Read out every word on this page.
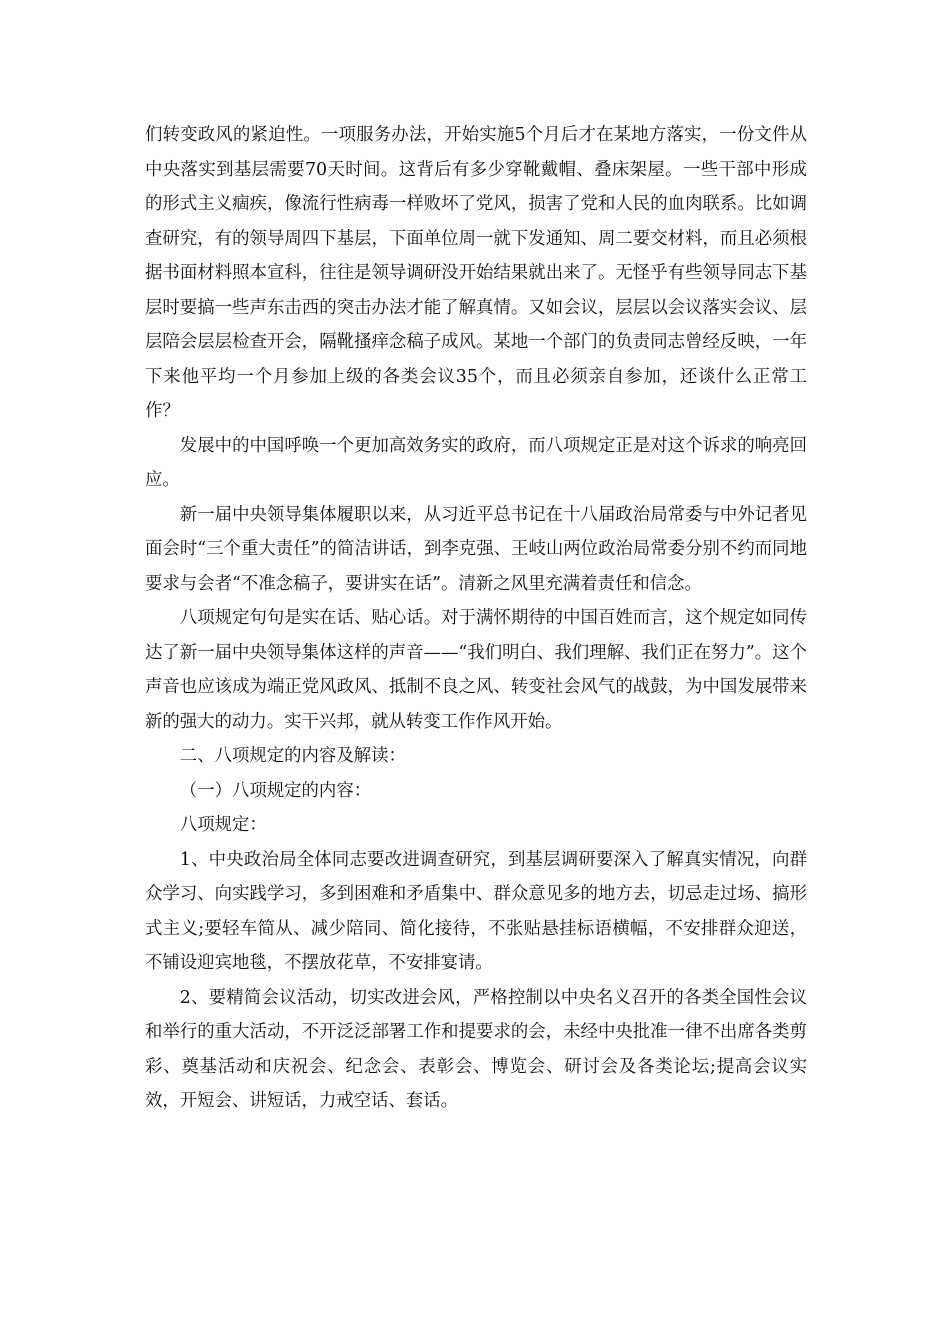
们转变政风的紧迫性。一项服务办法，开始实施5个月后才在某地方落实，一份文件从中央落实到基层需要70天时间。这背后有多少穿靴戴帽、叠床架屋。一些干部中形成的形式主义痼疾，像流行性病毒一样败坏了党风，损害了党和人民的血肉联系。比如调查研究，有的领导周四下基层，下面单位周一就下发通知、周二要交材料，而且必须根据书面材料照本宣科，往往是领导调研没开始结果就出来了。无怪乎有些领导同志下基层时要搞一些声东击西的突击办法才能了解真情。又如会议，层层以会议落实会议、层层陪会层层检查开会，隔靴搔痒念稿子成风。某地一个部门的负责同志曾经反映，一年下来他平均一个月参加上级的各类会议35个，而且必须亲自参加，还谈什么正常工作？

发展中的中国呼唤一个更加高效务实的政府，而八项规定正是对这个诉求的响亮回应。

新一届中央领导集体履职以来，从习近平总书记在十八届政治局常委与中外记者见面会时“三个重大责任”的简洁讲话，到李克强、王岐山两位政治局常委分别不约而同地要求与会者“不准念稿子，要讲实在话”。清新之风里充满着责任和信念。

八项规定句句是实在话、贴心话。对于满怀期待的中国百姓而言，这个规定如同传达了新一届中央领导集体这样的声音——“我们明白、我们理解、我们正在努力”。这个声音也应该成为端正党风政风、抵制不良之风、转变社会风气的战鼓，为中国发展带来新的强大的动力。实干兴邦，就从转变工作作风开始。

二、八项规定的内容及解读：

（一）八项规定的内容：

八项规定：

1、中央政治局全体同志要改进调查研究，到基层调研要深入了解真实情况，向群众学习、向实践学习，多到困难和矛盾集中、群众意见多的地方去，切忌走过场、搞形式主义;要轻车简从、减少陪同、简化接待，不张贴悬挂标语横幅，不安排群众迎送，不铺设迎宾地毯，不摆放花草，不安排宴请。

2、要精简会议活动，切实改进会风，严格控制以中央名义召开的各类全国性会议和举行的重大活动，不开泛泛部署工作和提要求的会，未经中央批准一律不出席各类剪彩、奠基活动和庆祝会、纪念会、表彰会、博览会、研讨会及各类论坛;提高会议实效，开短会、讲短话，力戒空话、套话。
